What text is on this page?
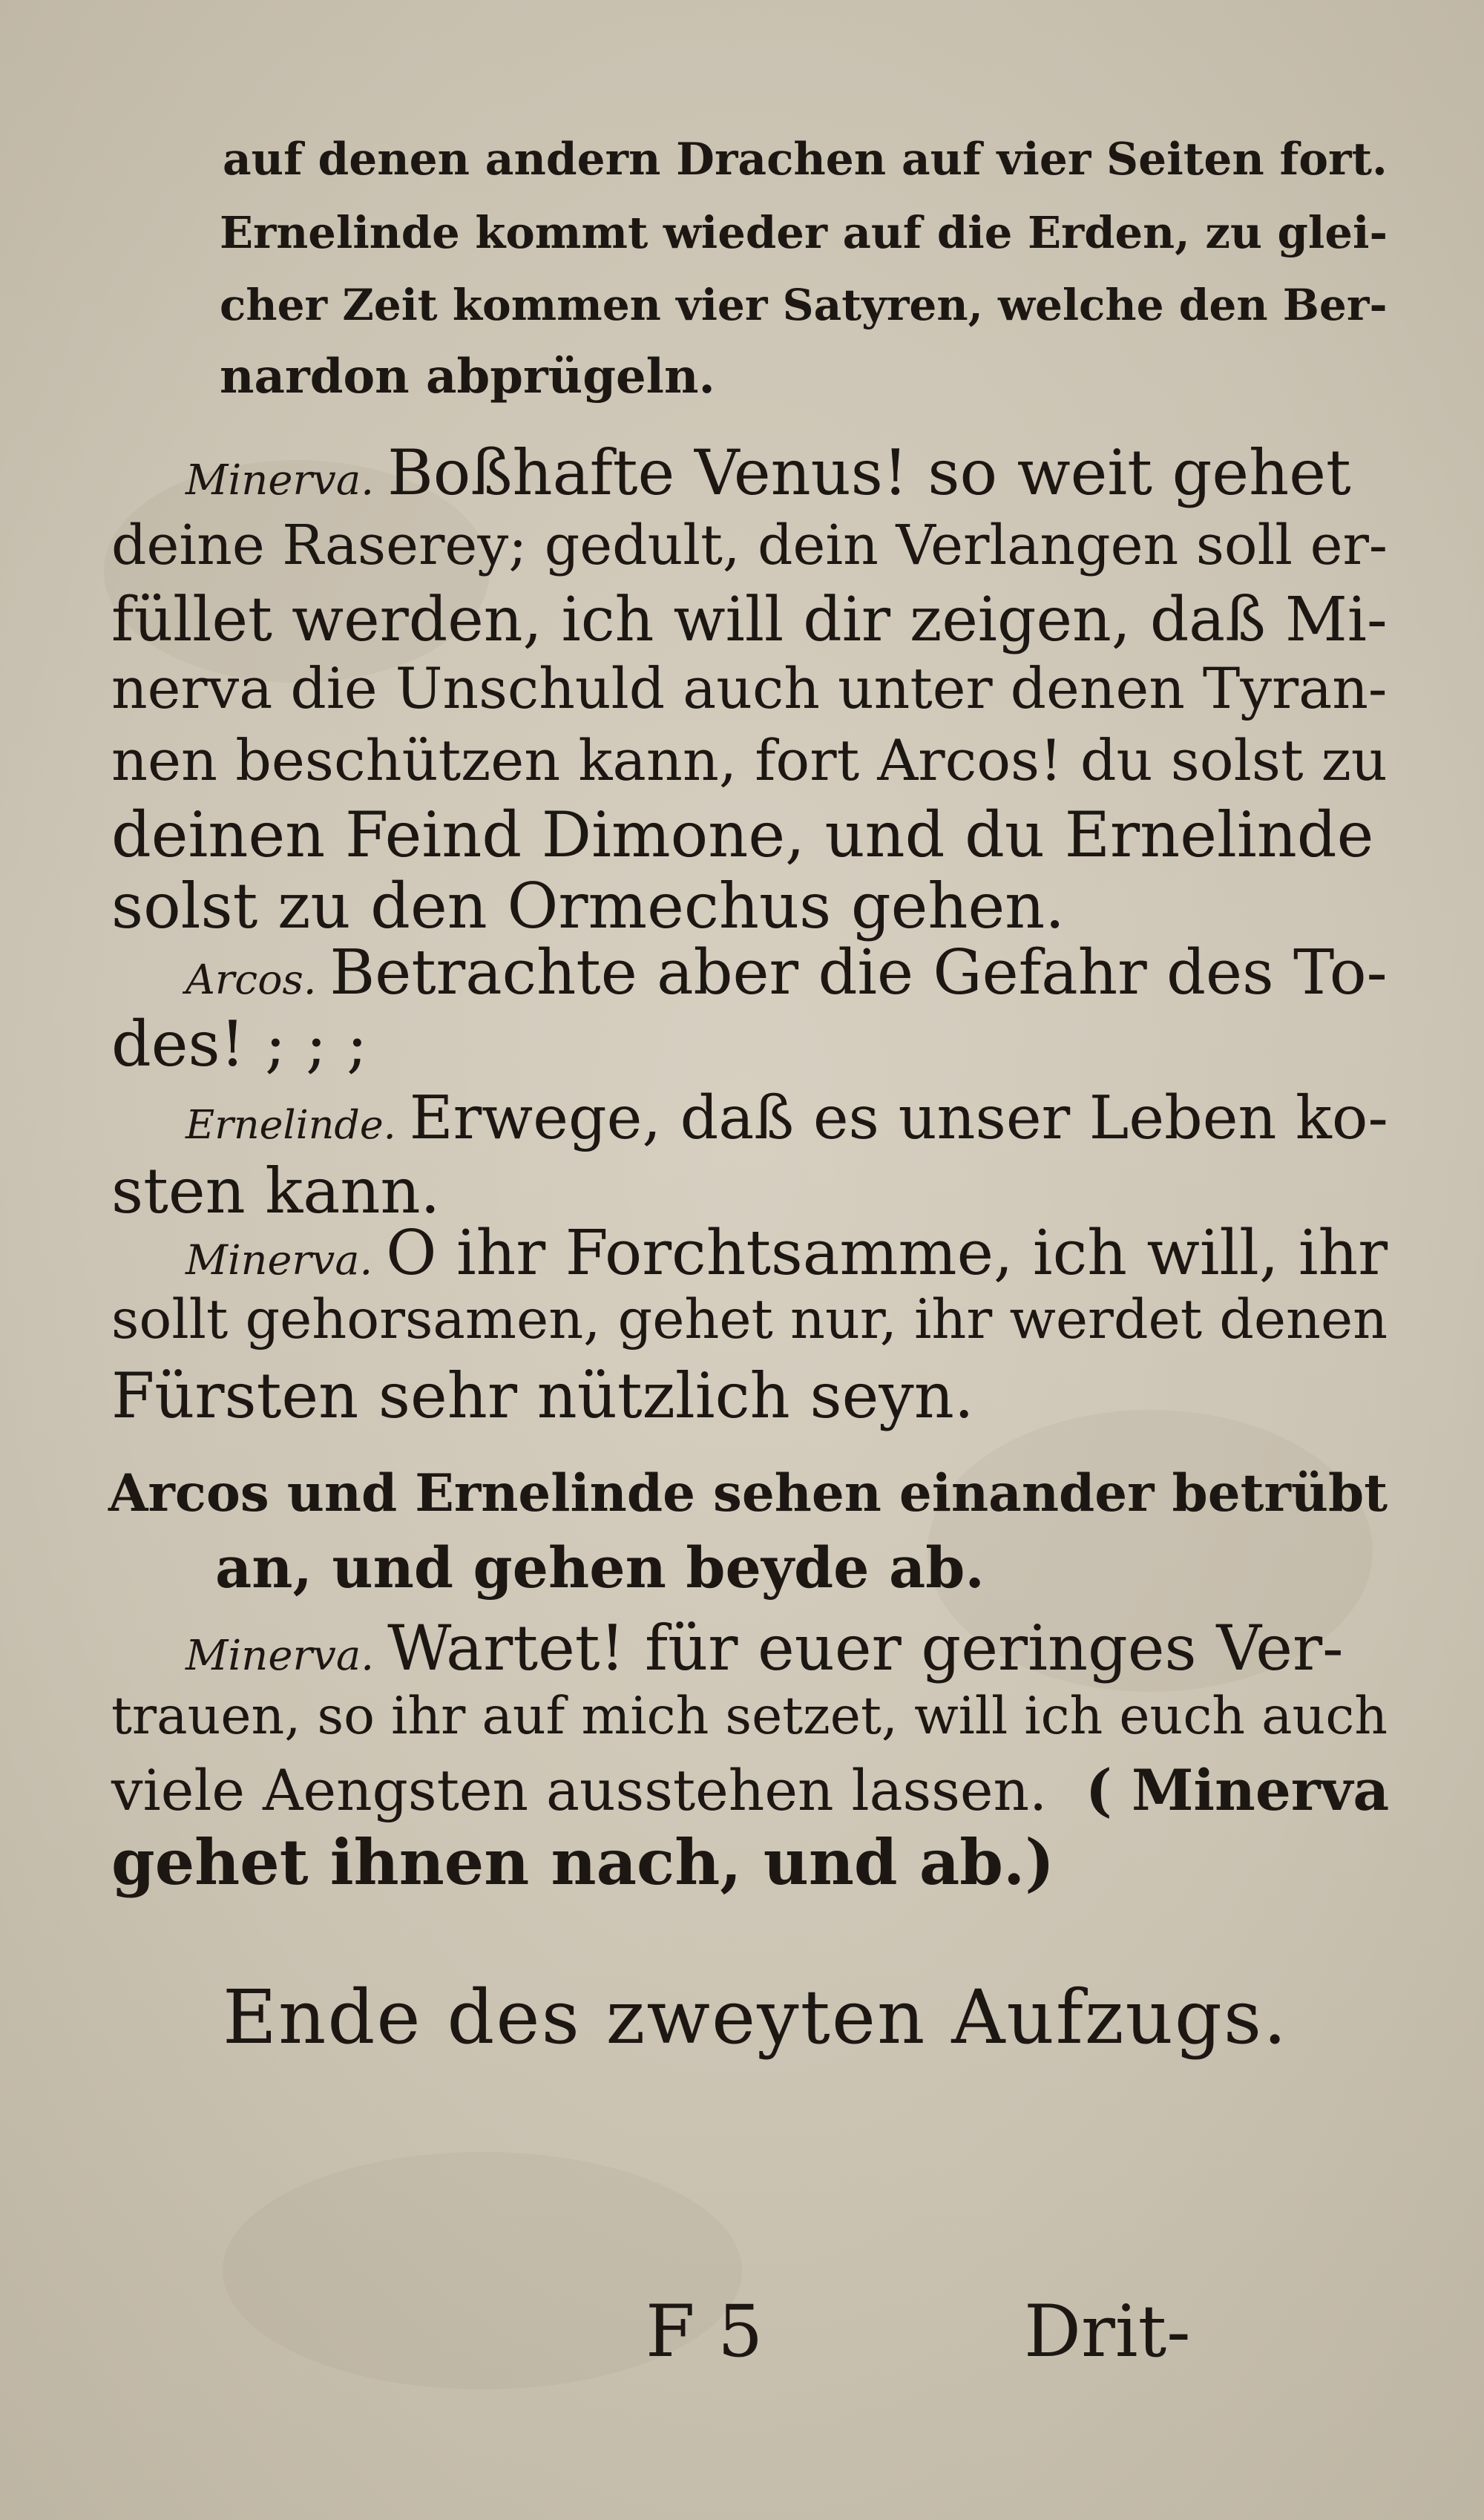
auf denen andern Drachen auf vier Seiten fort.

Ernelinde kommt wieder auf die Erden, zu glei-

cher Zeit kommen vier Satyren, welche den Ber-

nardon abprügeln.

Minerva. Boßhafte Venus! so weit gehet

deine Raserey; gedult, dein Verlangen soll er-

füllet werden, ich will dir zeigen, daß Mi-

nerva die Unschuld auch unter denen Tyran-

nen beschützen kann, fort Arcos! du solst zu

deinen Feind Dimone, und du Ernelinde

solst zu den Ormechus gehen.

Arcos. Betrachte aber die Gefahr des To-

des! ; ; ;

Ernelinde. Erwege, daß es unser Leben ko-

sten kann.

Minerva. O ihr Forchtsamme, ich will, ihr

sollt gehorsamen, gehet nur, ihr werdet denen

Fürsten sehr nützlich seyn.

Arcos und Ernelinde sehen einander betrübt

an, und gehen beyde ab.

Minerva. Wartet! für euer geringes Ver-

trauen, so ihr auf mich setzet, will ich euch auch

viele Aengsten ausstehen lassen. ( Minerva

gehet ihnen nach, und ab.)

Ende des zweyten Aufzugs.

F 5	Drit-
